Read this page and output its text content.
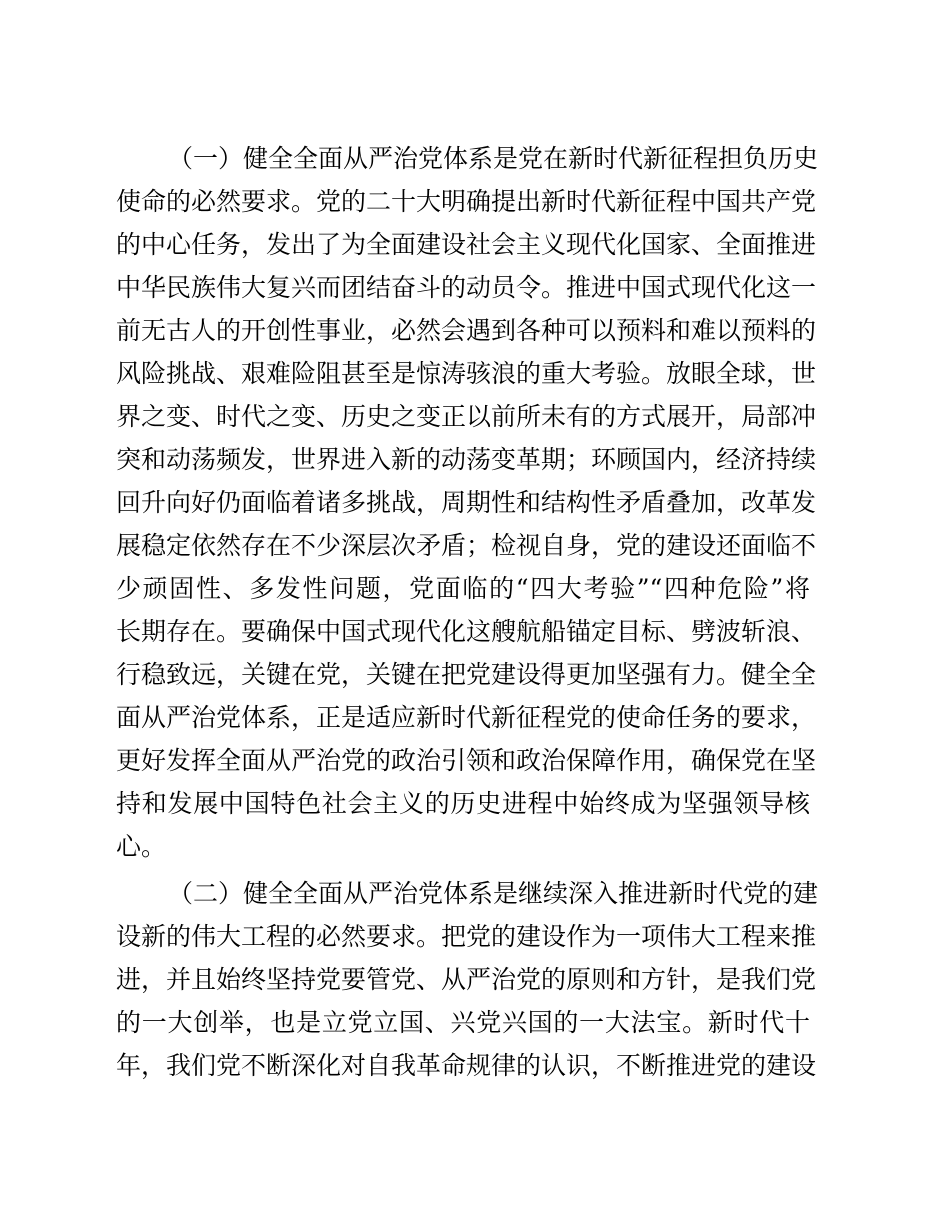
（一）健全全面从严治党体系是党在新时代新征程担负历史
使命的必然要求。党的二十大明确提出新时代新征程中国共产党
的中心任务，发出了为全面建设社会主义现代化国家、全面推进
中华民族伟大复兴而团结奋斗的动员令。推进中国式现代化这一
前无古人的开创性事业，必然会遇到各种可以预料和难以预料的
风险挑战、艰难险阻甚至是惊涛骇浪的重大考验。放眼全球，世
界之变、时代之变、历史之变正以前所未有的方式展开，局部冲
突和动荡频发，世界进入新的动荡变革期；环顾国内，经济持续
回升向好仍面临着诸多挑战，周期性和结构性矛盾叠加，改革发
展稳定依然存在不少深层次矛盾；检视自身，党的建设还面临不
少顽固性、多发性问题，党面临的“四大考验”“四种危险”将
长期存在。要确保中国式现代化这艘航船锚定目标、劈波斩浪、
行稳致远，关键在党，关键在把党建设得更加坚强有力。健全全
面从严治党体系，正是适应新时代新征程党的使命任务的要求，
更好发挥全面从严治党的政治引领和政治保障作用，确保党在坚
持和发展中国特色社会主义的历史进程中始终成为坚强领导核
心。
（二）健全全面从严治党体系是继续深入推进新时代党的建
设新的伟大工程的必然要求。把党的建设作为一项伟大工程来推
进，并且始终坚持党要管党、从严治党的原则和方针，是我们党
的一大创举，也是立党立国、兴党兴国的一大法宝。新时代十
年，我们党不断深化对自我革命规律的认识，不断推进党的建设
